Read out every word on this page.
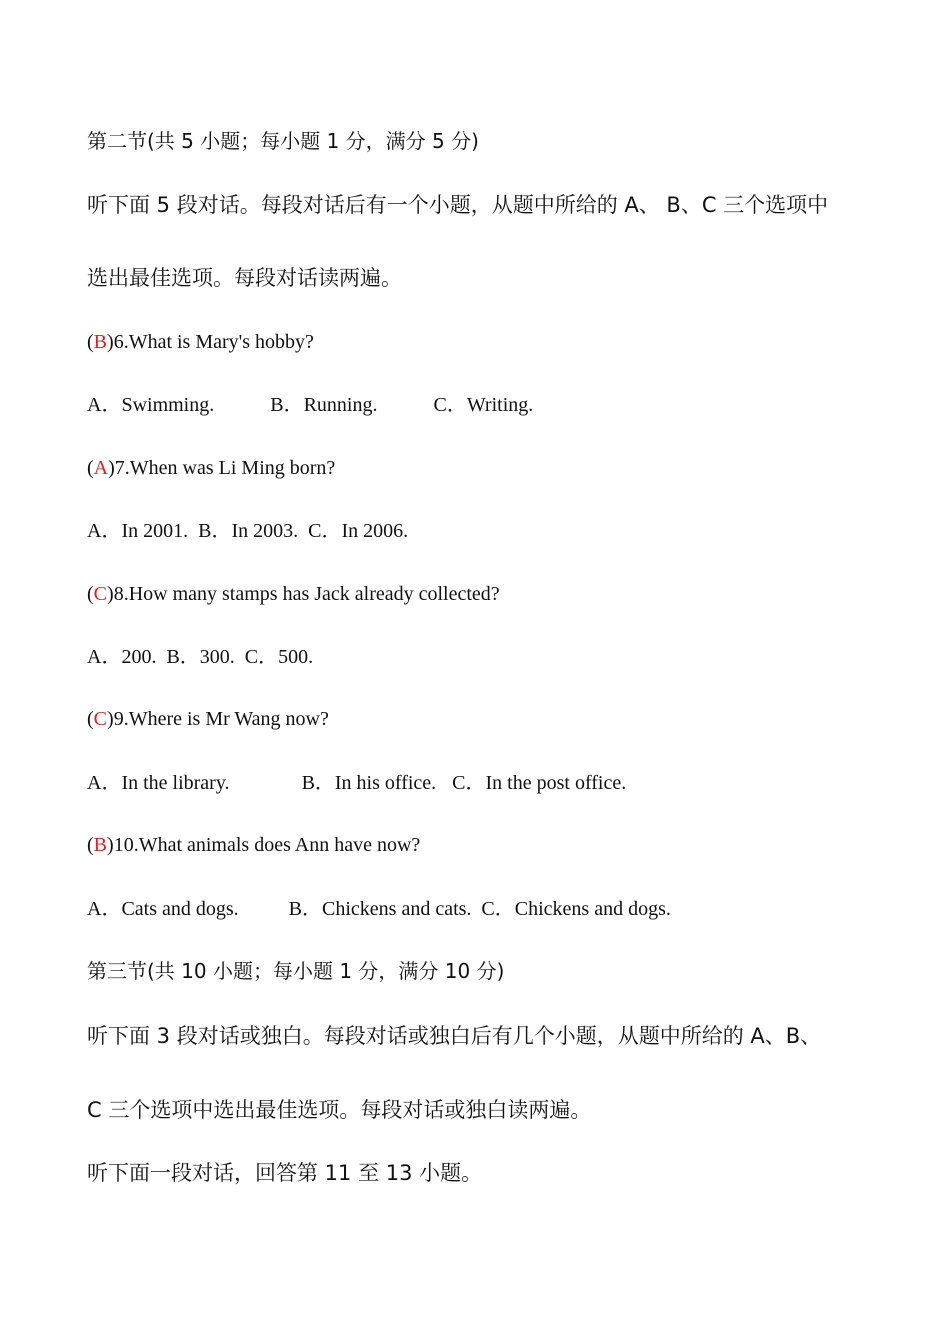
第二节(共 5 小题；每小题 1 分，满分 5 分)
听下面 5 段对话。每段对话后有一个小题，从题中所给的 A、 B、C 三个选项中
选出最佳选项。每段对话读两遍。
(B)6.What is Mary's hobby?
A．Swimming.	B．Running.	C．Writing.
(A)7.When was Li Ming born?
A．In 2001. B．In 2003. C．In 2006.
(C)8.How many stamps has Jack already collected?
A．200. B．300. C．500.
(C)9.Where is Mr Wang now?
A．In the library.	B．In his office. C．In the post office.
(B)10.What animals does Ann have now?
A．Cats and dogs.	B．Chickens and cats. C．Chickens and dogs.
第三节(共 10 小题；每小题 1 分，满分 10 分)
听下面 3 段对话或独白。每段对话或独白后有几个小题，从题中所给的 A、B、
C 三个选项中选出最佳选项。每段对话或独白读两遍。
听下面一段对话，回答第 11 至 13 小题。
